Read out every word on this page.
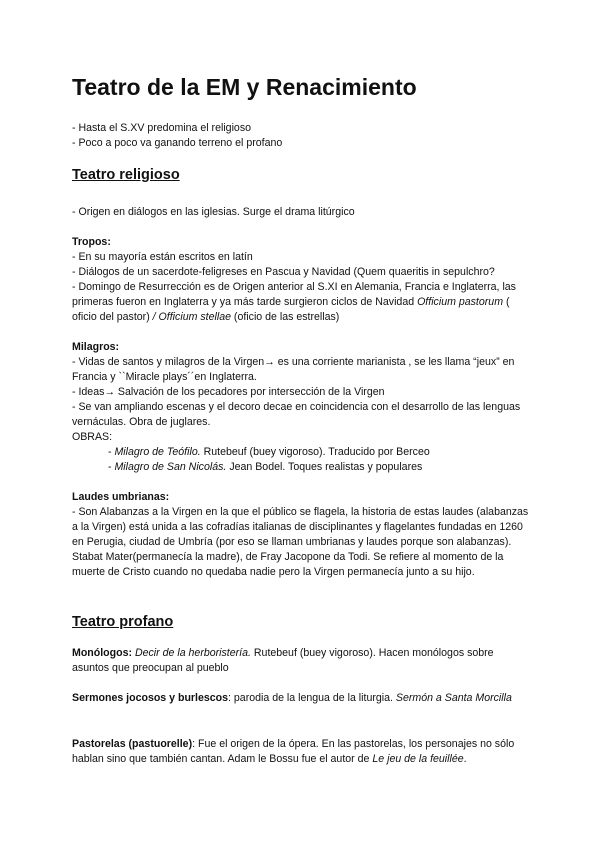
Teatro de la EM y Renacimiento

- Hasta el S.XV predomina el religioso

- Poco a poco va ganando terreno el profano

Teatro religioso

- Origen en diálogos en las iglesias. Surge el drama litúrgico

Tropos:

- En su mayoría están escritos en latín

- Diálogos de un sacerdote-feligreses en Pascua y Navidad (Quem quaeritis in sepulchro?

- Domingo de Resurrección es de Origen anterior al S.XI en Alemania, Francia e Inglaterra, las primeras fueron en Inglaterra y ya más tarde surgieron ciclos de Navidad Officium pastorum ( oficio del pastor) / Officium stellae (oficio de las estrellas)

Milagros:

- Vidas de santos y milagros de la Virgen→ es una corriente marianista , se les llama “jeux” en Francia y ``Miracle plays´´en Inglaterra.

- Ideas→ Salvación de los pecadores por intersección de la Virgen

- Se van ampliando escenas y el decoro decae en coincidencia con el desarrollo de las lenguas vernáculas. Obra de juglares.

OBRAS:

- Milagro de Teófilo. Rutebeuf (buey vigoroso). Traducido por Berceo

- Milagro de San Nicolás. Jean Bodel. Toques realistas y populares

Laudes umbrianas:

- Son Alabanzas a la Virgen en la que el público se flagela, la historia de estas laudes (alabanzas a la Virgen) está unida a las cofradías italianas de disciplinantes y flagelantes fundadas en 1260 en Perugia, ciudad de Umbría (por eso se llaman umbrianas y laudes porque son alabanzas). Stabat Mater(permanecía la madre), de Fray Jacopone da Todi. Se refiere al momento de la muerte de Cristo cuando no quedaba nadie pero la Virgen permanecía junto a su hijo.

Teatro profano

Monólogos: Decir de la herboristería. Rutebeuf (buey vigoroso). Hacen monólogos sobre asuntos que preocupan al pueblo

Sermones jocosos y burlescos: parodia de la lengua de la liturgia. Sermón a Santa Morcilla

Pastorelas (pastuorelle): Fue el origen de la ópera. En las pastorelas, los personajes no sólo hablan sino que también cantan. Adam le Bossu fue el autor de Le jeu de la feuillée.
